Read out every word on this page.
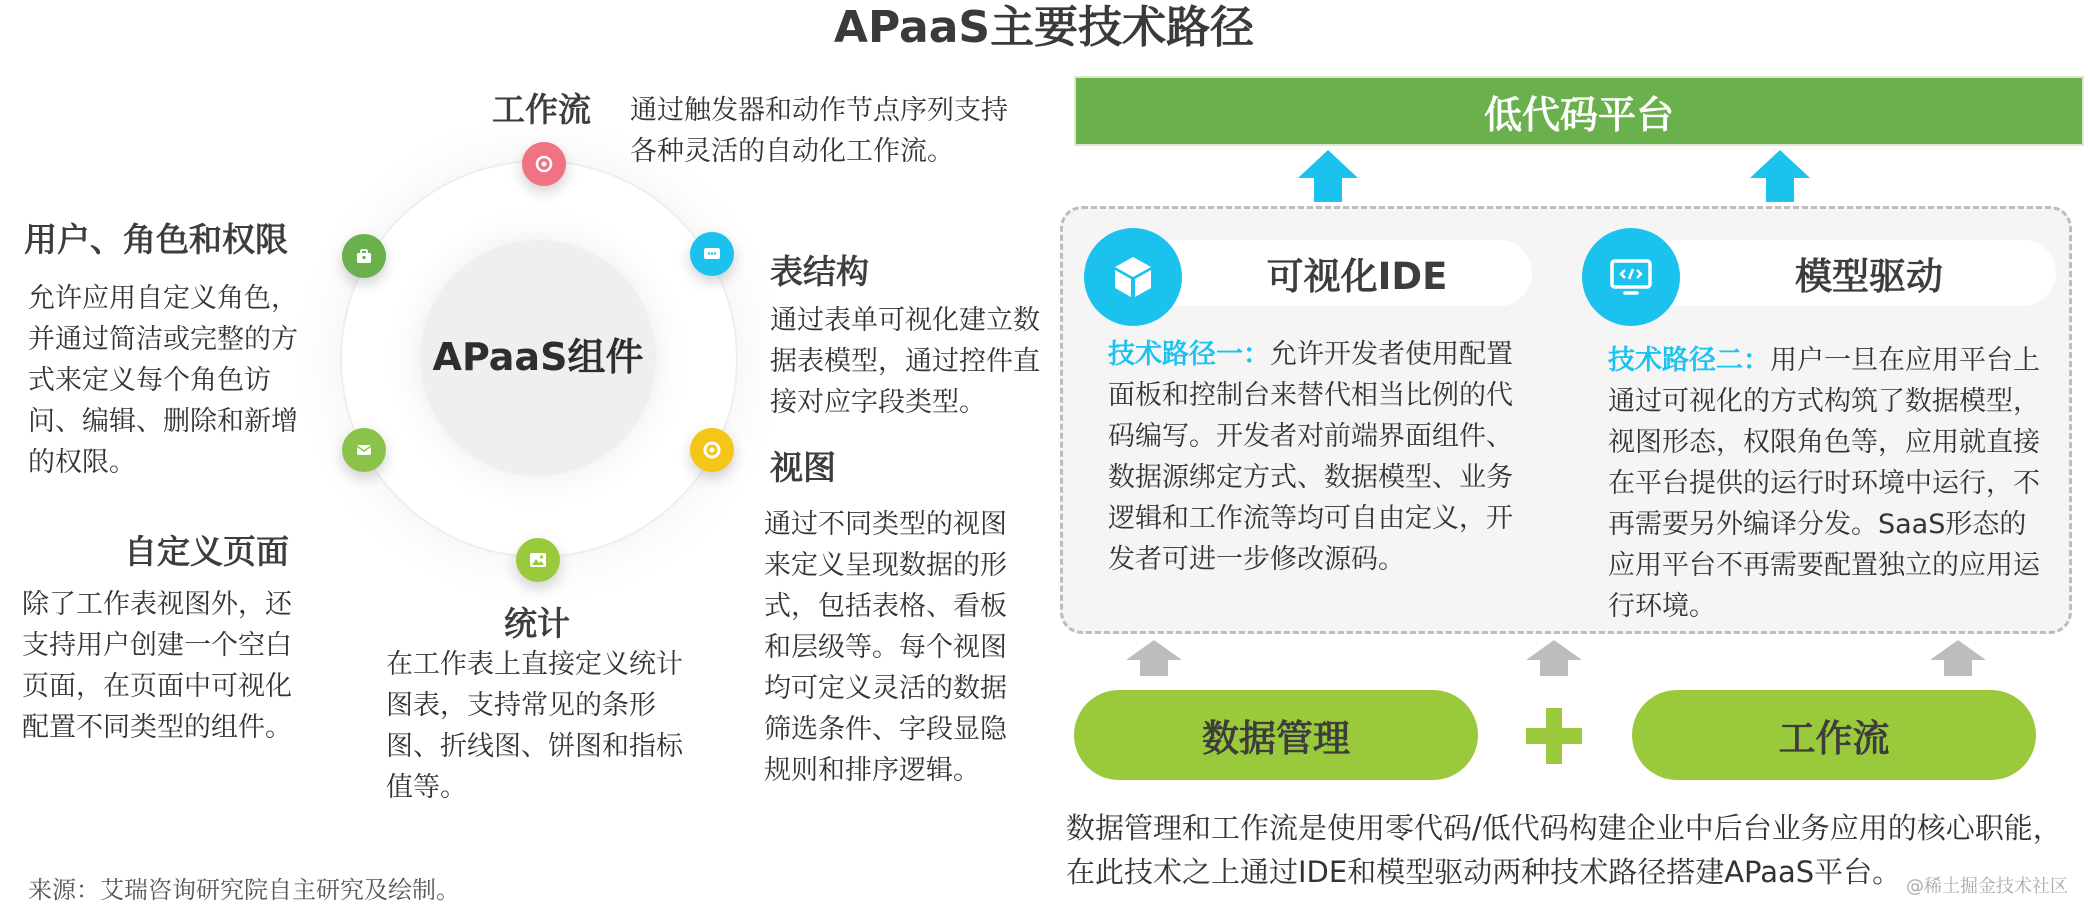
APaaS主要技术路径
APaaS组件
工作流 通过触发器和动作节点序列支持各种灵活的自动化工作流。
表结构
通过表单可视化建立数据表模型，通过控件直接对应字段类型。
视图
通过不同类型的视图来定义呈现数据的形式，包括表格、看板和层级等。每个视图均可定义灵活的数据筛选条件、字段显隐规则和排序逻辑。
统计
在工作表上直接定义统计图表，支持常见的条形图、折线图、饼图和指标值等。
自定义页面
除了工作表视图外，还支持用户创建一个空白页面，在页面中可视化配置不同类型的组件。
用户、角色和权限
允许应用自定义角色，并通过简洁或完整的方式来定义每个角色访问、编辑、删除和新增的权限。
低代码平台
可视化IDE
技术路径一：允许开发者使用配置面板和控制台来替代相当比例的代码编写。开发者对前端界面组件、数据源绑定方式、数据模型、业务逻辑和工作流等均可自由定义，开发者可进一步修改源码。
模型驱动
技术路径二：用户一旦在应用平台上通过可视化的方式构筑了数据模型，视图形态，权限角色等，应用就直接在平台提供的运行时环境中运行，不再需要另外编译分发。SaaS形态的应用平台不再需要配置独立的应用运行环境。
数据管理	工作流
数据管理和工作流是使用零代码/低代码构建企业中后台业务应用的核心职能，在此技术之上通过IDE和模型驱动两种技术路径搭建APaaS平台。
来源：艾瑞咨询研究院自主研究及绘制。	@稀土掘金技术社区
